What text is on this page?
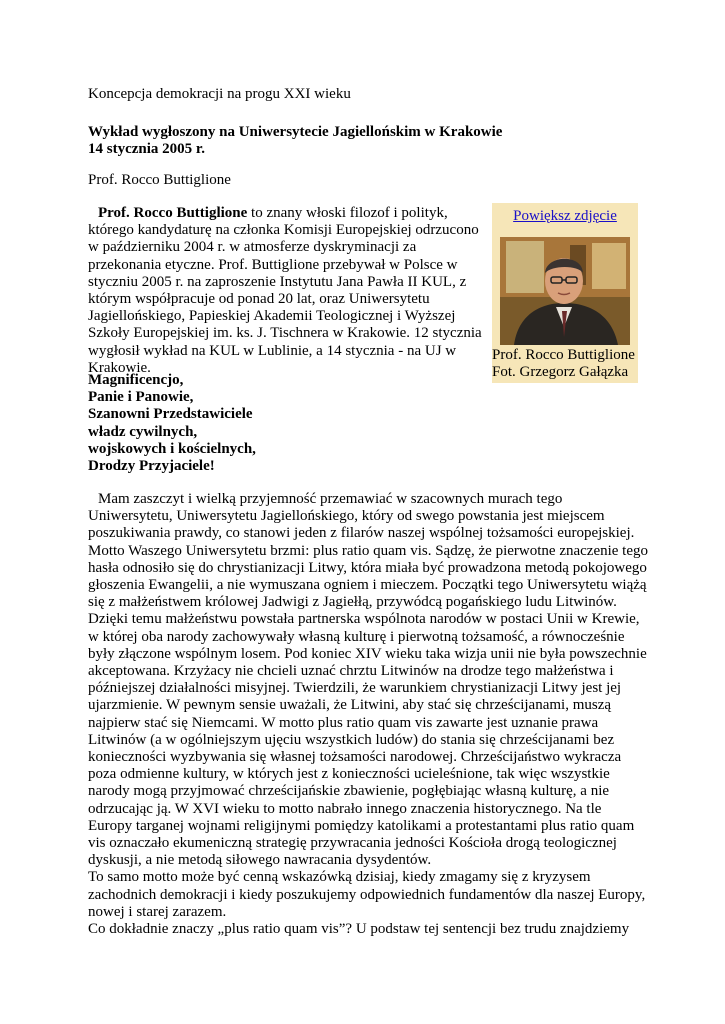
Koncepcja demokracji na progu XXI wieku
Wykład wygłoszony na Uniwersytecie Jagiellońskim w Krakowie
14 stycznia 2005 r.
Prof. Rocco Buttiglione
Prof. Rocco Buttiglione to znany włoski filozof i polityk, którego kandydaturę na członka Komisji Europejskiej odrzucono w październiku 2004 r. w atmosferze dyskryminacji za przekonania etyczne. Prof. Buttiglione przebywał w Polsce w styczniu 2005 r. na zaproszenie Instytutu Jana Pawła II KUL, z którym współpracuje od ponad 20 lat, oraz Uniwersytetu Jagiellońskiego, Papieskiej Akademii Teologicznej i Wyższej Szkoły Europejskiej im. ks. J. Tischnera w Krakowie. 12 stycznia wygłosił wykład na KUL w Lublinie, a 14 stycznia - na UJ w Krakowie.
Powiększ zdjęcie
Prof. Rocco Buttiglione
Fot. Grzegorz Gałązka
Magnificencjo,
Panie i Panowie,
Szanowni Przedstawiciele
władz cywilnych,
wojskowych i kościelnych,
Drodzy Przyjaciele!

Mam zaszczyt i wielką przyjemność przemawiać w szacownych murach tego Uniwersytetu, Uniwersytetu Jagiellońskiego, który od swego powstania jest miejscem poszukiwania prawdy, co stanowi jeden z filarów naszej wspólnej tożsamości europejskiej. Motto Waszego Uniwersytetu brzmi: plus ratio quam vis. Sądzę, że pierwotne znaczenie tego hasła odnosiło się do chrystianizacji Litwy, która miała być prowadzona metodą pokojowego głoszenia Ewangelii, a nie wymuszana ogniem i mieczem. Początki tego Uniwersytetu wiążą się z małżeństwem królowej Jadwigi z Jagiełłą, przywódcą pogańskiego ludu Litwinów. Dzięki temu małżeństwu powstała partnerska wspólnota narodów w postaci Unii w Krewie, w której oba narody zachowywały własną kulturę i pierwotną tożsamość, a równocześnie były złączone wspólnym losem. Pod koniec XIV wieku taka wizja unii nie była powszechnie akceptowana. Krzyżacy nie chcieli uznać chrztu Litwinów na drodze tego małżeństwa i późniejszej działalności misyjnej. Twierdzili, że warunkiem chrystianizacji Litwy jest jej ujarzmienie. W pewnym sensie uważali, że Litwini, aby stać się chrześcijanami, muszą najpierw stać się Niemcami. W motto plus ratio quam vis zawarte jest uznanie prawa Litwinów (a w ogólniejszym ujęciu wszystkich ludów) do stania się chrześcijanami bez konieczności wyzbywania się własnej tożsamości narodowej. Chrześcijaństwo wykracza poza odmienne kultury, w których jest z konieczności ucieleśnione, tak więc wszystkie narody mogą przyjmować chrześcijańskie zbawienie, pogłębiając własną kulturę, a nie odrzucając ją. W XVI wieku to motto nabrało innego znaczenia historycznego. Na tle Europy targanej wojnami religijnymi pomiędzy katolikami a protestantami plus ratio quam vis oznaczało ekumeniczną strategię przywracania jedności Kościoła drogą teologicznej dyskusji, a nie metodą siłowego nawracania dysydentów.

To samo motto może być cenną wskazówką dzisiaj, kiedy zmagamy się z kryzysem zachodnich demokracji i kiedy poszukujemy odpowiednich fundamentów dla naszej Europy, nowej i starej zarazem.

Co dokładnie znaczy „plus ratio quam vis”? U podstaw tej sentencji bez trudu znajdziemy
